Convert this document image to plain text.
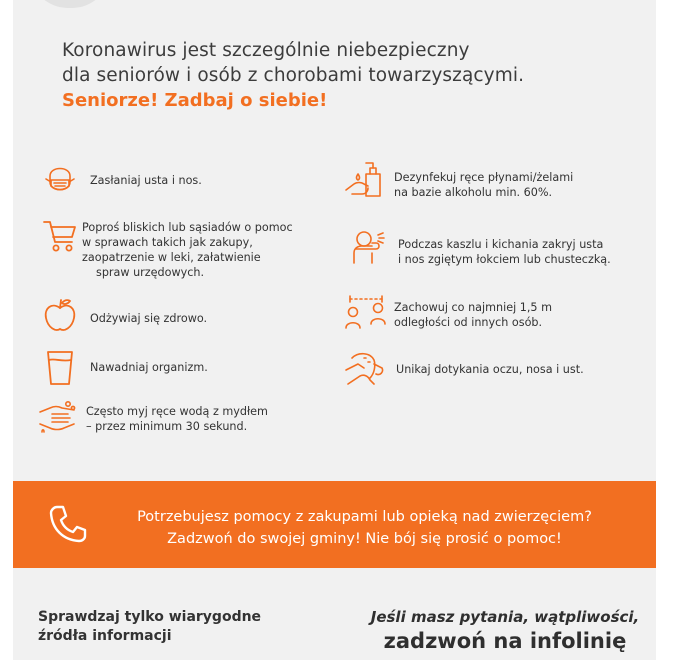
Koronawirus jest szczególnie niebezpieczny
dla seniorów i osób z chorobami towarzyszącymi.
Seniorze! Zadbaj o siebie!
Zasłaniaj usta i nos.
Poproś bliskich lub sąsiadów o pomoc
w sprawach takich jak zakupy,
zaopatrzenie w leki, załatwienie
spraw urzędowych.
Odżywiaj się zdrowo.
Nawadniaj organizm.
Często myj ręce wodą z mydłem
– przez minimum 30 sekund.
Dezynfekuj ręce płynami/żelami
na bazie alkoholu min. 60%.
Podczas kaszlu i kichania zakryj usta
i nos zgiętym łokciem lub chusteczką.
Zachowuj co najmniej 1,5 m
odległości od innych osób.
Unikaj dotykania oczu, nosa i ust.
Potrzebujesz pomocy z zakupami lub opieką nad zwierzęciem?
Zadzwoń do swojej gminy! Nie bój się prosić o pomoc!
Sprawdzaj tylko wiarygodne
źródła informacji
Jeśli masz pytania, wątpliwości,
zadzwoń na infolinię
